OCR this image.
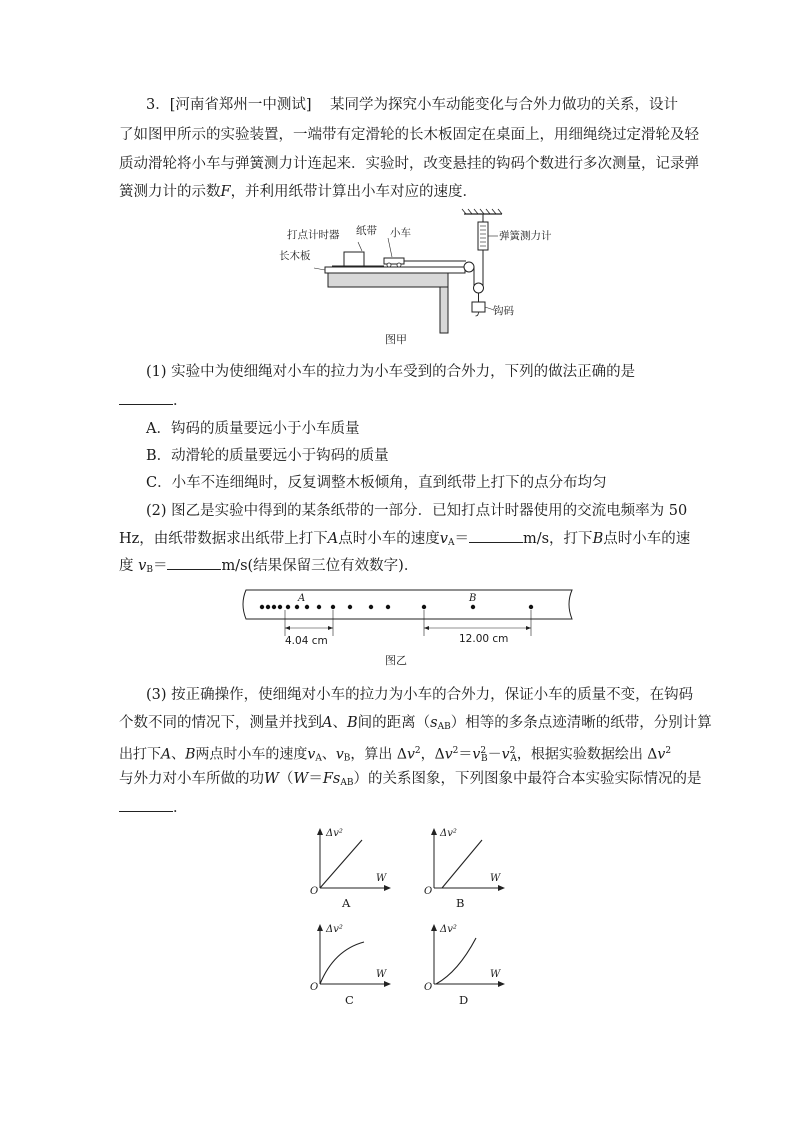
3．[河南省郑州一中测试] 某同学为探究小车动能变化与合外力做功的关系，设计
了如图甲所示的实验装置，一端带有定滑轮的长木板固定在桌面上，用细绳绕过定滑轮及轻
质动滑轮将小车与弹簧测力计连起来．实验时，改变悬挂的钩码个数进行多次测量，记录弹
簧测力计的示数F，并利用纸带计算出小车对应的速度．
打点计时器 纸带 小车
长木板
弹簧测力计
钩码
图甲
(1) 实验中为使细绳对小车的拉力为小车受到的合外力，下列的做法正确的是
．
A．钩码的质量要远小于小车质量
B．动滑轮的质量要远小于钩码的质量
C．小车不连细绳时，反复调整木板倾角，直到纸带上打下的点分布均匀
(2) 图乙是实验中得到的某条纸带的一部分．已知打点计时器使用的交流电频率为 50
Hz，由纸带数据求出纸带上打下A点时小车的速度$v_A=$	m/s，打下B点时小车的速
度 $v_B=$	m/s(结果保留三位有效数字)．
A	B
4.04 cm	12.00 cm
图乙
(3) 按正确操作，使细绳对小车的拉力为小车的合外力，保证小车的质量不变，在钩码
个数不同的情况下，测量并找到A、B间的距离$(s_{AB})$相等的多条点迹清晰的纸带，分别计算
出打下A、B两点时小车的速度$v_A$、$v_B$，算出 $\Delta v^2$，$\Delta v^2=v^2_B-v^2_A$，根据实验数据绘出 $\Delta v^2$
与外力对小车所做的功$W(W=Fs_{AB})$的关系图象，下列图象中最符合本实验实际情况的是
．
Δv²
W
O
A
Δv²
W
O
B
Δv²
W
O
C
Δv²
W
O
D
